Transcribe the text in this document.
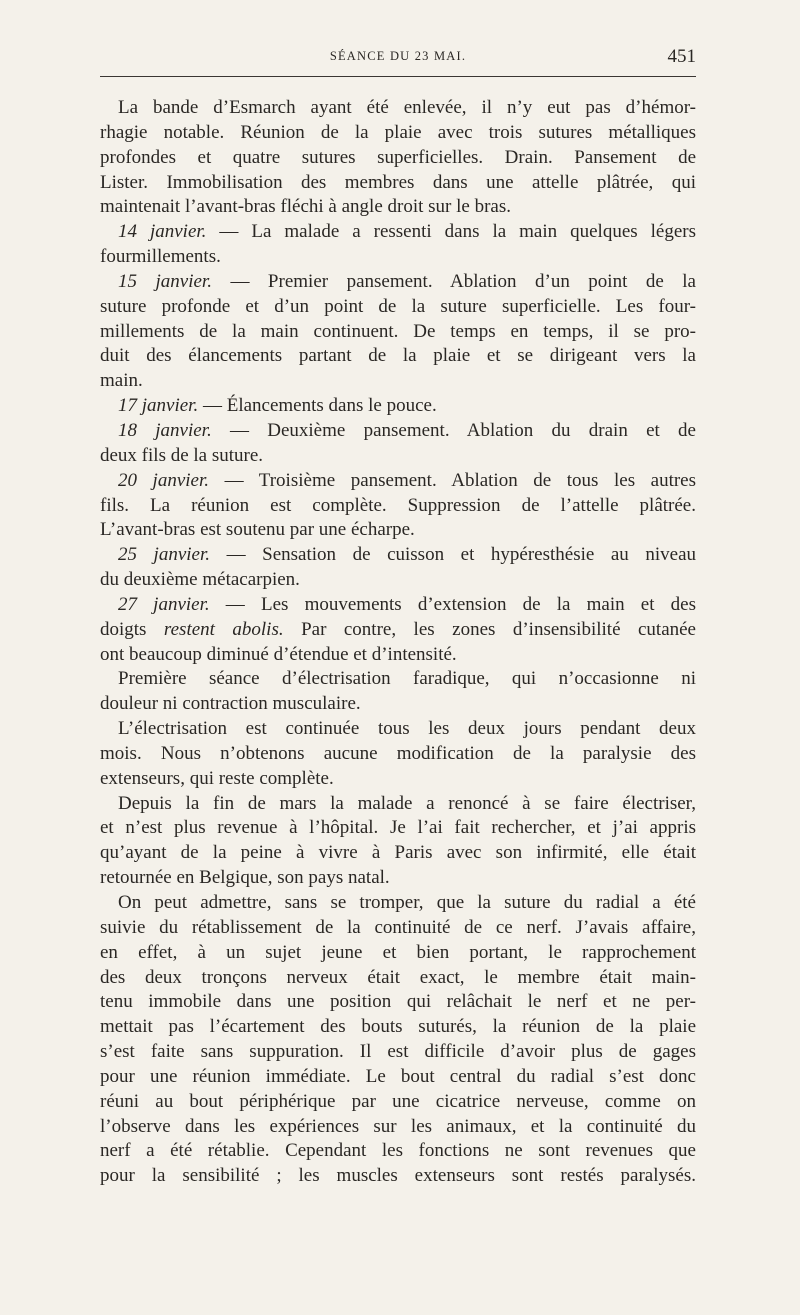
SÉANCE DU 23 MAI.	451
La bande d’Esmarch ayant été enlevée, il n’y eut pas d’hémor-
rhagie notable. Réunion de la plaie avec trois sutures métalliques
profondes et quatre sutures superficielles. Drain. Pansement de
Lister. Immobilisation des membres dans une attelle plâtrée, qui
maintenait l’avant-bras fléchi à angle droit sur le bras.
14 janvier. — La malade a ressenti dans la main quelques légers
fourmillements.
15 janvier. — Premier pansement. Ablation d’un point de la
suture profonde et d’un point de la suture superficielle. Les four-
millements de la main continuent. De temps en temps, il se pro-
duit des élancements partant de la plaie et se dirigeant vers la
main.
17 janvier. — Élancements dans le pouce.
18 janvier. — Deuxième pansement. Ablation du drain et de
deux fils de la suture.
20 janvier. — Troisième pansement. Ablation de tous les autres
fils. La réunion est complète. Suppression de l’attelle plâtrée.
L’avant-bras est soutenu par une écharpe.
25 janvier. — Sensation de cuisson et hypéresthésie au niveau
du deuxième métacarpien.
27 janvier. — Les mouvements d’extension de la main et des
doigts restent abolis. Par contre, les zones d’insensibilité cutanée
ont beaucoup diminué d’étendue et d’intensité.
Première séance d’électrisation faradique, qui n’occasionne ni
douleur ni contraction musculaire.
L’électrisation est continuée tous les deux jours pendant deux
mois. Nous n’obtenons aucune modification de la paralysie des
extenseurs, qui reste complète.
Depuis la fin de mars la malade a renoncé à se faire électriser,
et n’est plus revenue à l’hôpital. Je l’ai fait rechercher, et j’ai appris
qu’ayant de la peine à vivre à Paris avec son infirmité, elle était
retournée en Belgique, son pays natal.
On peut admettre, sans se tromper, que la suture du radial a été
suivie du rétablissement de la continuité de ce nerf. J’avais affaire,
en effet, à un sujet jeune et bien portant, le rapprochement
des deux tronçons nerveux était exact, le membre était main-
tenu immobile dans une position qui relâchait le nerf et ne per-
mettait pas l’écartement des bouts suturés, la réunion de la plaie
s’est faite sans suppuration. Il est difficile d’avoir plus de gages
pour une réunion immédiate. Le bout central du radial s’est donc
réuni au bout périphérique par une cicatrice nerveuse, comme on
l’observe dans les expériences sur les animaux, et la continuité du
nerf a été rétablie. Cependant les fonctions ne sont revenues que
pour la sensibilité ; les muscles extenseurs sont restés paralysés.
